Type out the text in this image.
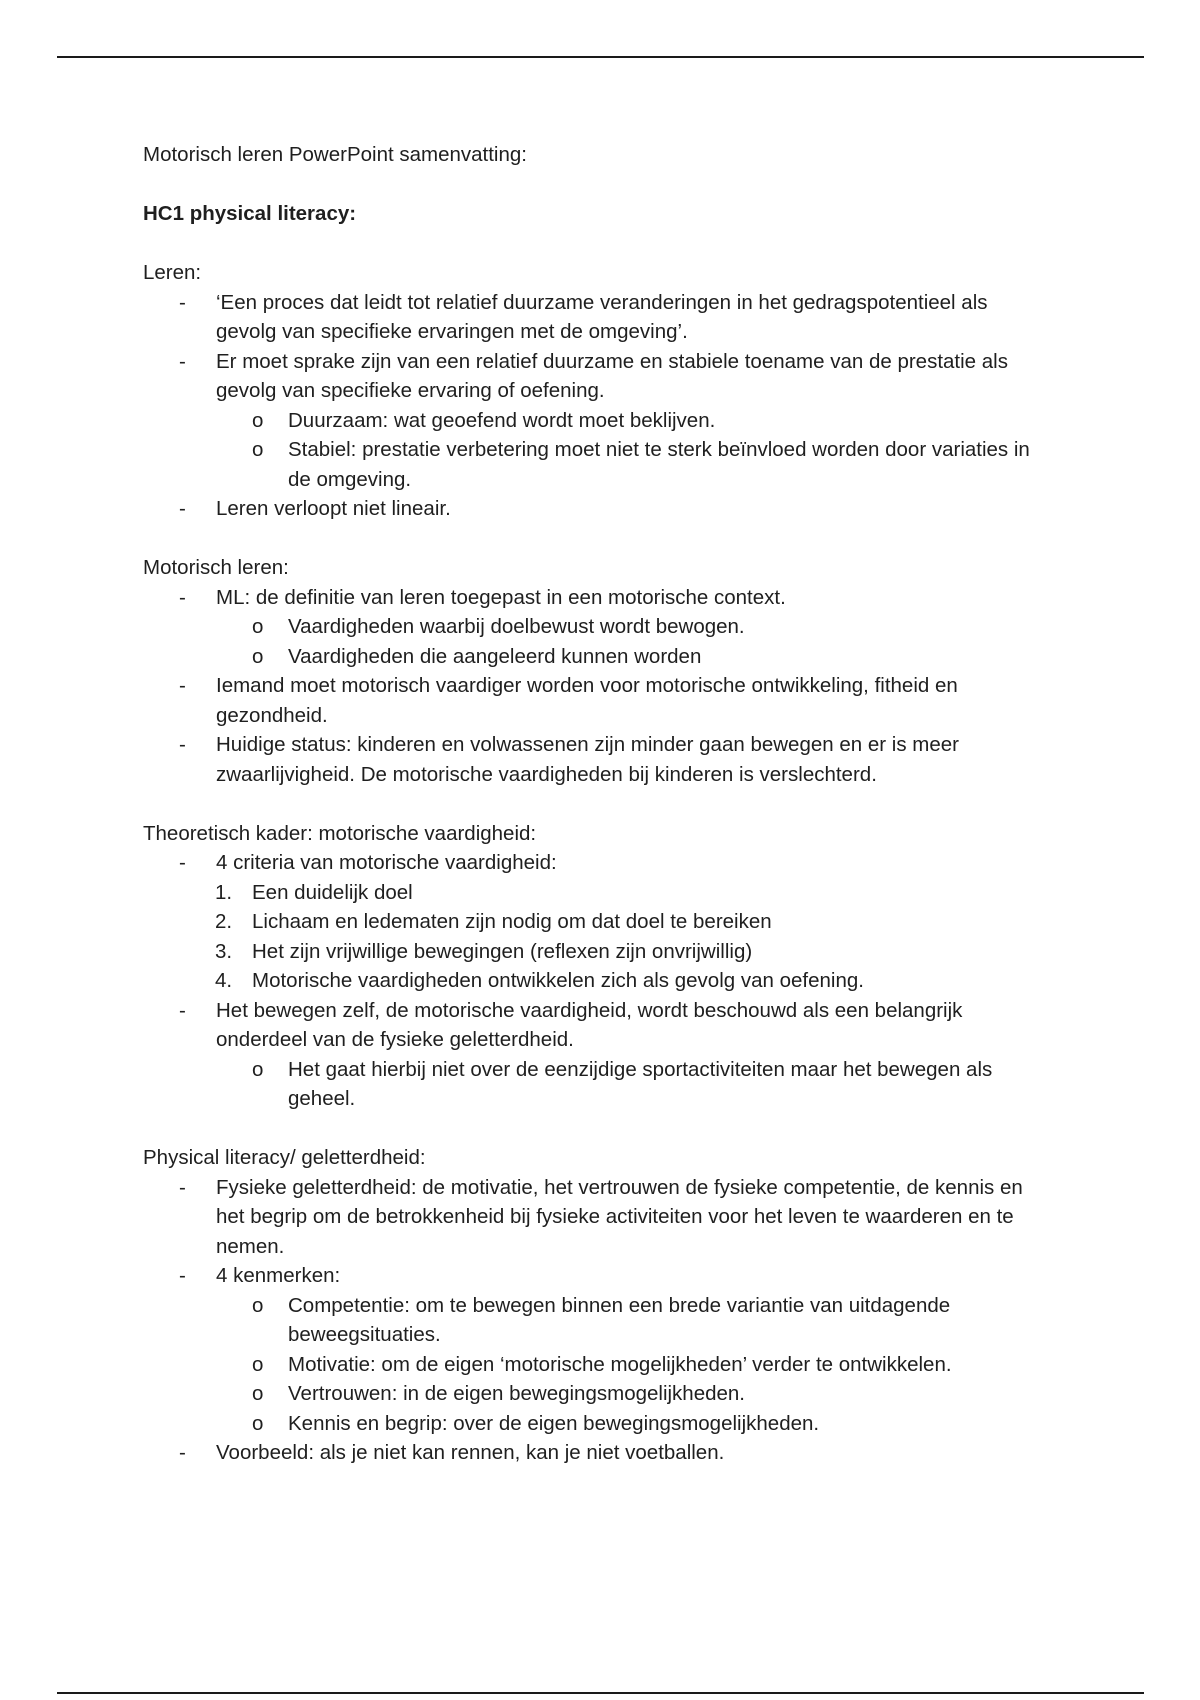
Motorisch leren PowerPoint samenvatting:
HC1 physical literacy:
Leren:
- ‘Een proces dat leidt tot relatief duurzame veranderingen in het gedragspotentieel als gevolg van specifieke ervaringen met de omgeving’.
- Er moet sprake zijn van een relatief duurzame en stabiele toename van de prestatie als gevolg van specifieke ervaring of oefening.
o Duurzaam: wat geoefend wordt moet beklijven.
o Stabiel: prestatie verbetering moet niet te sterk beïnvloed worden door variaties in de omgeving.
- Leren verloopt niet lineair.
Motorisch leren:
- ML: de definitie van leren toegepast in een motorische context.
o Vaardigheden waarbij doelbewust wordt bewogen.
o Vaardigheden die aangeleerd kunnen worden
- Iemand moet motorisch vaardiger worden voor motorische ontwikkeling, fitheid en gezondheid.
- Huidige status: kinderen en volwassenen zijn minder gaan bewegen en er is meer zwaarlijvigheid. De motorische vaardigheden bij kinderen is verslechterd.
Theoretisch kader: motorische vaardigheid:
- 4 criteria van motorische vaardigheid:
1. Een duidelijk doel
2. Lichaam en ledematen zijn nodig om dat doel te bereiken
3. Het zijn vrijwillige bewegingen (reflexen zijn onvrijwillig)
4. Motorische vaardigheden ontwikkelen zich als gevolg van oefening.
- Het bewegen zelf, de motorische vaardigheid, wordt beschouwd als een belangrijk onderdeel van de fysieke geletterdheid.
o Het gaat hierbij niet over de eenzijdige sportactiviteiten maar het bewegen als geheel.
Physical literacy/ geletterdheid:
- Fysieke geletterdheid: de motivatie, het vertrouwen de fysieke competentie, de kennis en het begrip om de betrokkenheid bij fysieke activiteiten voor het leven te waarderen en te nemen.
- 4 kenmerken:
o Competentie: om te bewegen binnen een brede variantie van uitdagende beweegsituaties.
o Motivatie: om de eigen ‘motorische mogelijkheden’ verder te ontwikkelen.
o Vertrouwen: in de eigen bewegingsmogelijkheden.
o Kennis en begrip: over de eigen bewegingsmogelijkheden.
- Voorbeeld: als je niet kan rennen, kan je niet voetballen.
